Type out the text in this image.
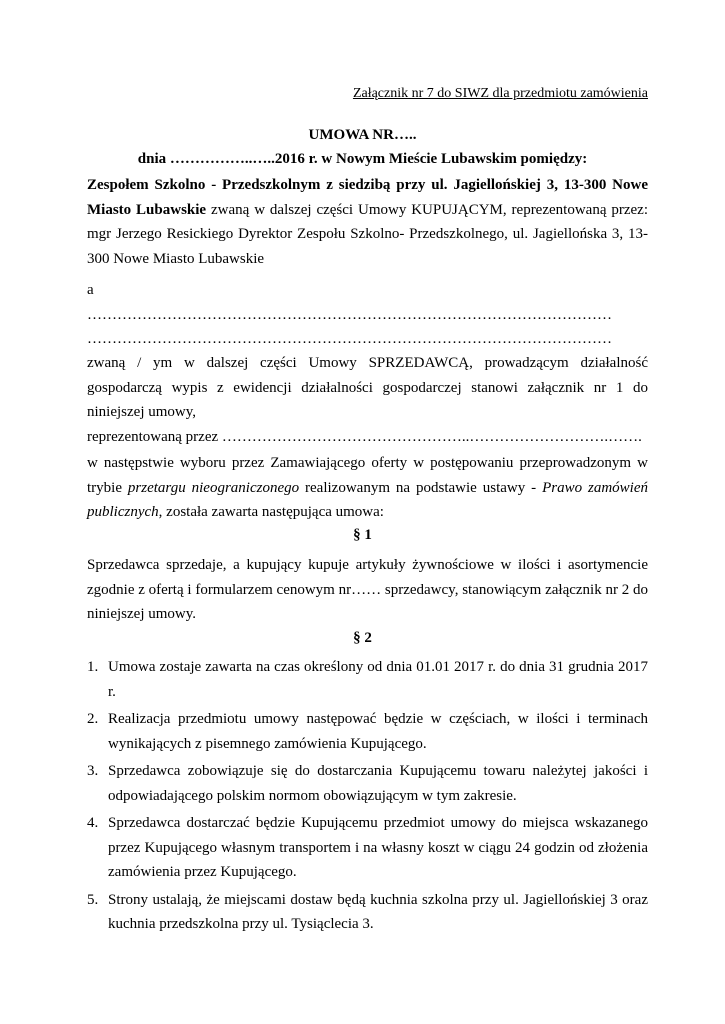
Załącznik nr 7 do SIWZ dla przedmiotu zamówienia
UMOWA NR…..
dnia ……………..…..2016 r. w Nowym Mieście Lubawskim pomiędzy:
Zespołem Szkolno - Przedszkolnym z siedzibą przy ul. Jagiellońskiej 3, 13-300 Nowe Miasto Lubawskie zwaną w dalszej części Umowy KUPUJĄCYM, reprezentowaną przez: mgr Jerzego Resickiego Dyrektor Zespołu Szkolno- Przedszkolnego, ul. Jagiellońska 3, 13-300 Nowe Miasto Lubawskie
a
……………………………………………………………………………………………
……………………………………………………………………………………………
zwaną / ym w dalszej części Umowy SPRZEDAWCĄ, prowadzącym działalność gospodarczą wypis z ewidencji działalności gospodarczej stanowi załącznik nr 1 do niniejszej umowy,
reprezentowaną przez …………………………………………..……………………….…….
w następstwie wyboru przez Zamawiającego oferty w postępowaniu przeprowadzonym w trybie przetargu nieograniczonego realizowanym na podstawie ustawy - Prawo zamówień publicznych, została zawarta następująca umowa:
§ 1
Sprzedawca sprzedaje, a kupujący kupuje artykuły żywnościowe w ilości i asortymencie zgodnie z ofertą i formularzem cenowym nr…… sprzedawcy, stanowiącym załącznik nr 2 do niniejszej umowy.
§ 2
1. Umowa zostaje zawarta na czas określony od dnia 01.01 2017 r. do dnia 31 grudnia 2017 r.
2. Realizacja przedmiotu umowy następować będzie w częściach, w ilości i terminach wynikających z pisemnego zamówienia Kupującego.
3. Sprzedawca zobowiązuje się do dostarczania Kupującemu towaru należytej jakości i odpowiadającego polskim normom obowiązującym w tym zakresie.
4. Sprzedawca dostarczać będzie Kupującemu przedmiot umowy do miejsca wskazanego przez Kupującego własnym transportem i na własny koszt w ciągu 24 godzin od złożenia zamówienia przez Kupującego.
5. Strony ustalają, że miejscami dostaw będą kuchnia szkolna przy ul. Jagiellońskiej 3 oraz kuchnia przedszkolna przy ul. Tysiąclecia 3.
